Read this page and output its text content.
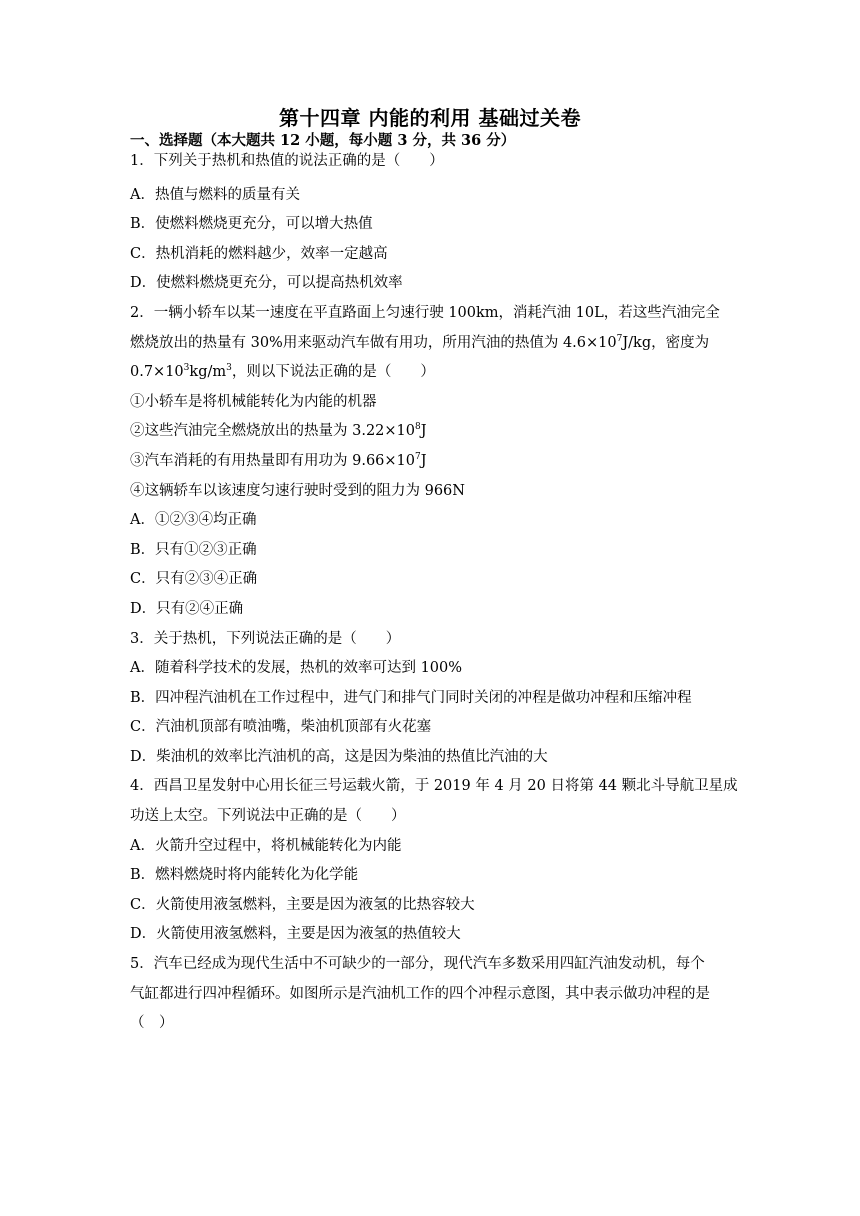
第十四章 内能的利用 基础过关卷
一、选择题（本大题共 12 小题，每小题 3 分，共 36 分）
1．下列关于热机和热值的说法正确的是（　　）
A．热值与燃料的质量有关
B．使燃料燃烧更充分，可以增大热值
C．热机消耗的燃料越少，效率一定越高
D．使燃料燃烧更充分，可以提高热机效率
2．一辆小轿车以某一速度在平直路面上匀速行驶 100km，消耗汽油 10L，若这些汽油完全
燃烧放出的热量有 30%用来驱动汽车做有用功，所用汽油的热值为 $4.6\times 10^7J/kg$，密度为
$0.7\times 10^3kg/m^3$，则以下说法正确的是（　　）
①小轿车是将机械能转化为内能的机器
②这些汽油完全燃烧放出的热量为 $3.22\times 10^8J$
③汽车消耗的有用热量即有用功为 $9.66\times 10^7J$
④这辆轿车以该速度匀速行驶时受到的阻力为 966N
A．①②③④均正确
B．只有①②③正确
C．只有②③④正确
D．只有②④正确
3．关于热机，下列说法正确的是（　　）
A．随着科学技术的发展，热机的效率可达到 100%
B．四冲程汽油机在工作过程中，进气门和排气门同时关闭的冲程是做功冲程和压缩冲程
C．汽油机顶部有喷油嘴，柴油机顶部有火花塞
D．柴油机的效率比汽油机的高，这是因为柴油的热值比汽油的大
4．西昌卫星发射中心用长征三号运载火箭，于 2019 年 4 月 20 日将第 44 颗北斗导航卫星成
功送上太空。下列说法中正确的是（　　）
A．火箭升空过程中，将机械能转化为内能
B．燃料燃烧时将内能转化为化学能
C．火箭使用液氢燃料，主要是因为液氢的比热容较大
D．火箭使用液氢燃料，主要是因为液氢的热值较大
5．汽车已经成为现代生活中不可缺少的一部分，现代汽车多数采用四缸汽油发动机，每个
气缸都进行四冲程循环。如图所示是汽油机工作的四个冲程示意图，其中表示做功冲程的是
（　）
